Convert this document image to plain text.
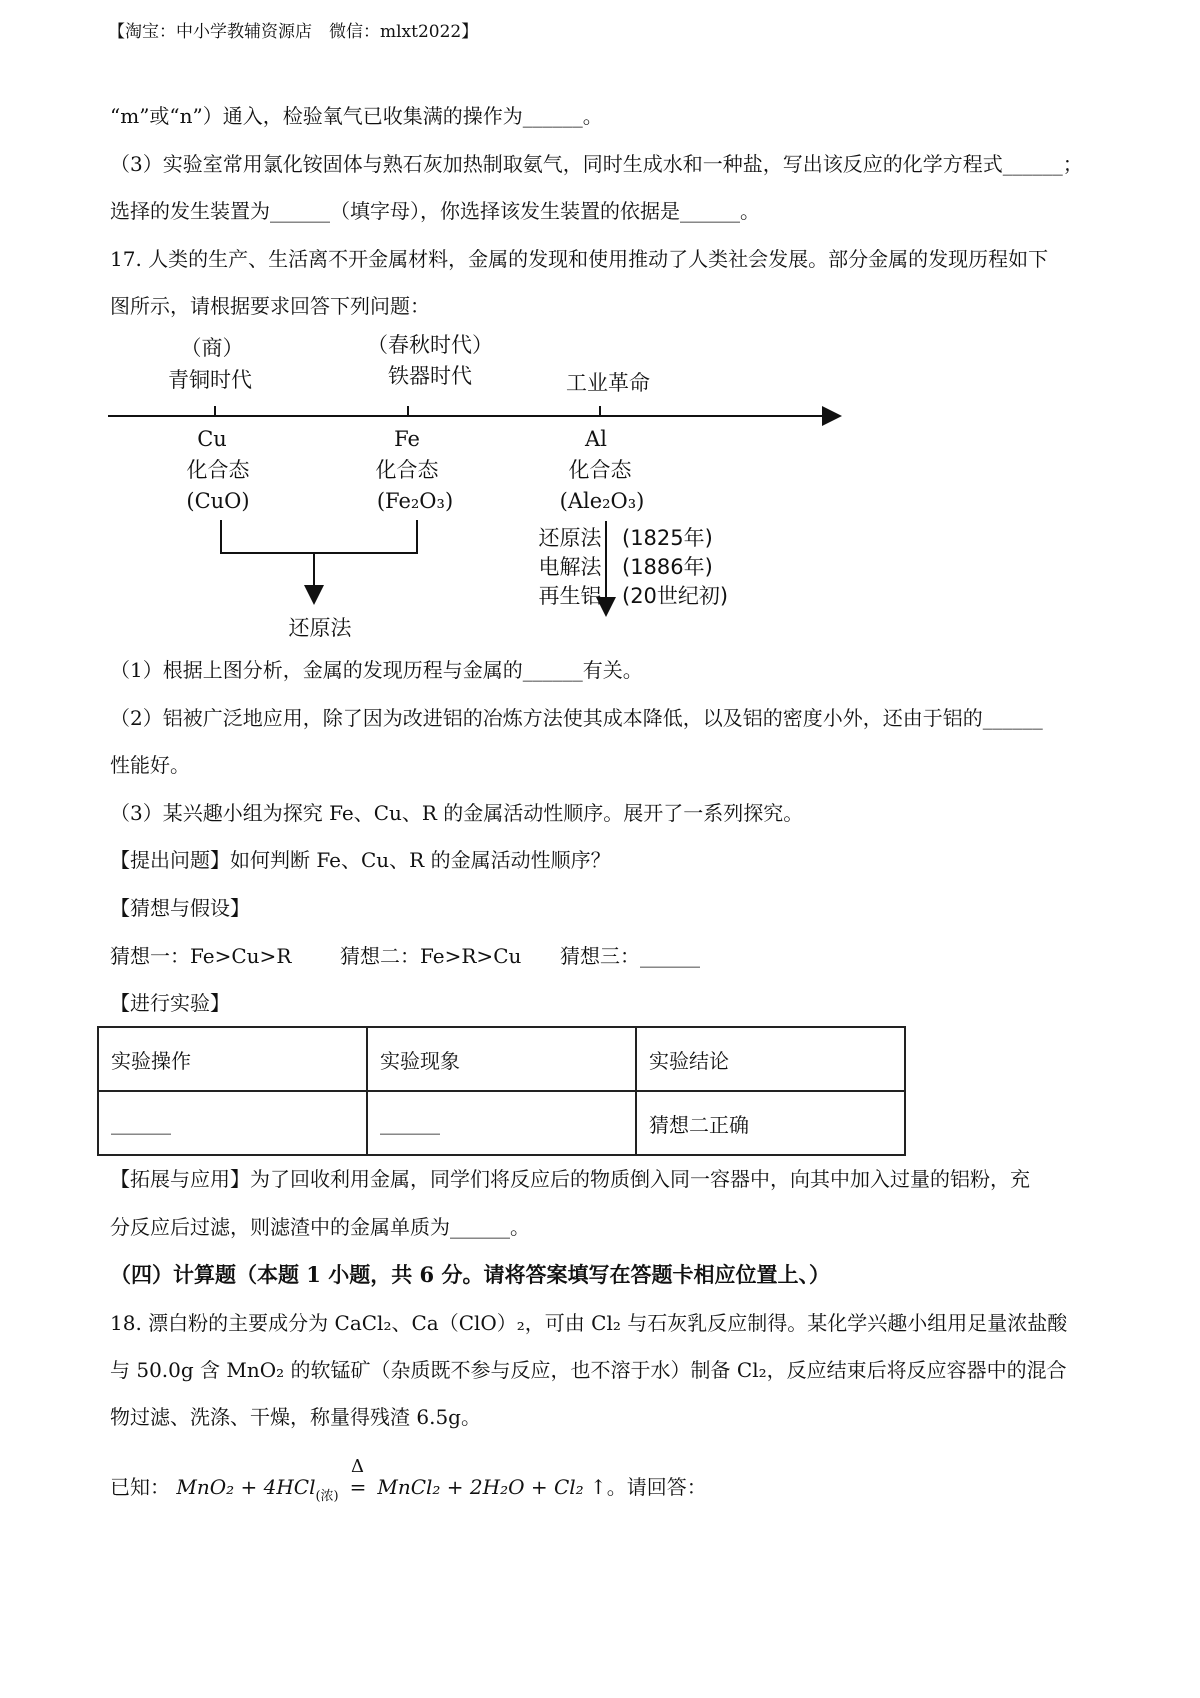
【淘宝：中小学教辅资源店　微信：mlxt2022】
“m”或“n”）通入，检验氧气已收集满的操作为______。
（3）实验室常用氯化铵固体与熟石灰加热制取氨气，同时生成水和一种盐，写出该反应的化学方程式______；
选择的发生装置为______（填字母），你选择该发生装置的依据是______。
17. 人类的生产、生活离不开金属材料，金属的发现和使用推动了人类社会发展。部分金属的发现历程如下
图所示，请根据要求回答下列问题：
（商）
青铜时代
（春秋时代）
铁器时代	工业革命
Cu
化合态
(CuO)
Fe
化合态
(Fe₂O₃)
Al
化合态
(Ale₂O₃)
还原法
还原法
电解法
再生铝
(1825年)
(1886年)
(20世纪初)
（1）根据上图分析，金属的发现历程与金属的______有关。
（2）铝被广泛地应用，除了因为改进铝的冶炼方法使其成本降低，以及铝的密度小外，还由于铝的______
性能好。
（3）某兴趣小组为探究 Fe、Cu、R 的金属活动性顺序。展开了一系列探究。
【提出问题】如何判断 Fe、Cu、R 的金属活动性顺序？
【猜想与假设】
猜想一：Fe>Cu>R 猜想二：Fe>R>Cu 猜想三：______
【进行实验】
实验操作	实验现象	实验结论
______	______	猜想二正确
【拓展与应用】为了回收利用金属，同学们将反应后的物质倒入同一容器中，向其中加入过量的铝粉，充
分反应后过滤，则滤渣中的金属单质为______。
（四）计算题（本题 1 小题，共 6 分。请将答案填写在答题卡相应位置上、）
18. 漂白粉的主要成分为 CaCl₂、Ca（ClO）₂，可由 Cl₂ 与石灰乳反应制得。某化学兴趣小组用足量浓盐酸
与 50.0g 含 MnO₂ 的软锰矿（杂质既不参与反应，也不溶于水）制备 Cl₂，反应结束后将反应容器中的混合
物过滤、洗涤、干燥，称量得残渣 6.5g。
已知： MnO₂ + 4HCl$_{(浓)}$
Δ
= MnCl₂ + 2H₂O + Cl₂ ↑。请回答：
